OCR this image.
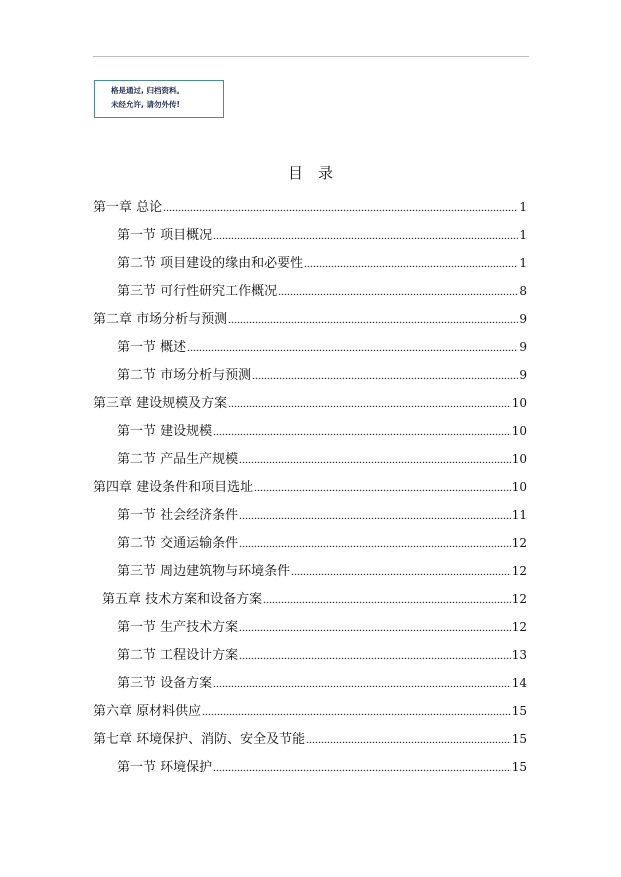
格是通过, 归档资料。
未经允许, 请勿外传!
目录
第一章 总论	1
第一节 项目概况	1
第二节 项目建设的缘由和必要性	1
第三节 可行性研究工作概况	8
第二章 市场分析与预测	9
第一节 概述	9
第二节 市场分析与预测	9
第三章 建设规模及方案	10
第一节 建设规模	10
第二节 产品生产规模	10
第四章 建设条件和项目选址	10
第一节 社会经济条件	11
第二节 交通运输条件	12
第三节 周边建筑物与环境条件	12
第五章 技术方案和设备方案	12
第一节 生产技术方案	12
第二节 工程设计方案	13
第三节 设备方案	14
第六章 原材料供应	15
第七章 环境保护、消防、安全及节能	15
第一节 环境保护	15
